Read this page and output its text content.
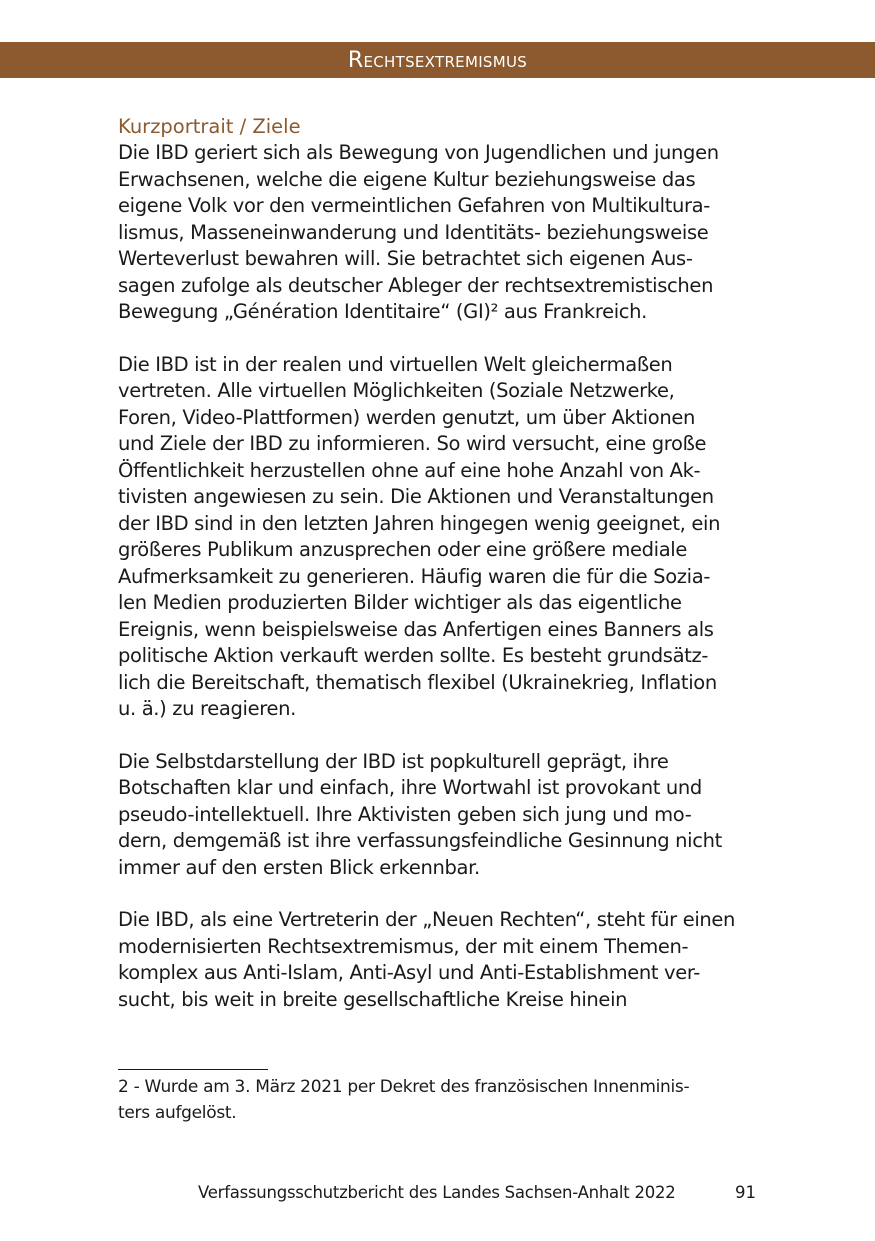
Rechtsextremismus
Kurzportrait / Ziele

Die IBD geriert sich als Bewegung von Jugendlichen und jungen
Erwachsenen, welche die eigene Kultur beziehungsweise das
eigene Volk vor den vermeintlichen Gefahren von Multikultura-
lismus, Masseneinwanderung und Identitäts- beziehungsweise
Werteverlust bewahren will. Sie betrachtet sich eigenen Aus-
sagen zufolge als deutscher Ableger der rechtsextremistischen
Bewegung „Génération Identitaire“ (GI)² aus Frankreich.

Die IBD ist in der realen und virtuellen Welt gleichermaßen
vertreten. Alle virtuellen Möglichkeiten (Soziale Netzwerke,
Foren, Video-Plattformen) werden genutzt, um über Aktionen
und Ziele der IBD zu informieren. So wird versucht, eine große
Öffentlichkeit herzustellen ohne auf eine hohe Anzahl von Ak-
tivisten angewiesen zu sein. Die Aktionen und Veranstaltungen
der IBD sind in den letzten Jahren hingegen wenig geeignet, ein
größeres Publikum anzusprechen oder eine größere mediale
Aufmerksamkeit zu generieren. Häufig waren die für die Sozia-
len Medien produzierten Bilder wichtiger als das eigentliche
Ereignis, wenn beispielsweise das Anfertigen eines Banners als
politische Aktion verkauft werden sollte. Es besteht grundsätz-
lich die Bereitschaft, thematisch flexibel (Ukrainekrieg, Inflation
u. ä.) zu reagieren.

Die Selbstdarstellung der IBD ist popkulturell geprägt, ihre
Botschaften klar und einfach, ihre Wortwahl ist provokant und
pseudo-intellektuell. Ihre Aktivisten geben sich jung und mo-
dern, demgemäß ist ihre verfassungsfeindliche Gesinnung nicht
immer auf den ersten Blick erkennbar.

Die IBD, als eine Vertreterin der „Neuen Rechten“, steht für einen
modernisierten Rechtsextremismus, der mit einem Themen-
komplex aus Anti-Islam, Anti-Asyl und Anti-Establishment ver-
sucht, bis weit in breite gesellschaftliche Kreise hinein

2 - Wurde am 3. März 2021 per Dekret des französischen Innenminis-
ters aufgelöst.

Verfassungsschutzbericht des Landes Sachsen-Anhalt 2022	91
